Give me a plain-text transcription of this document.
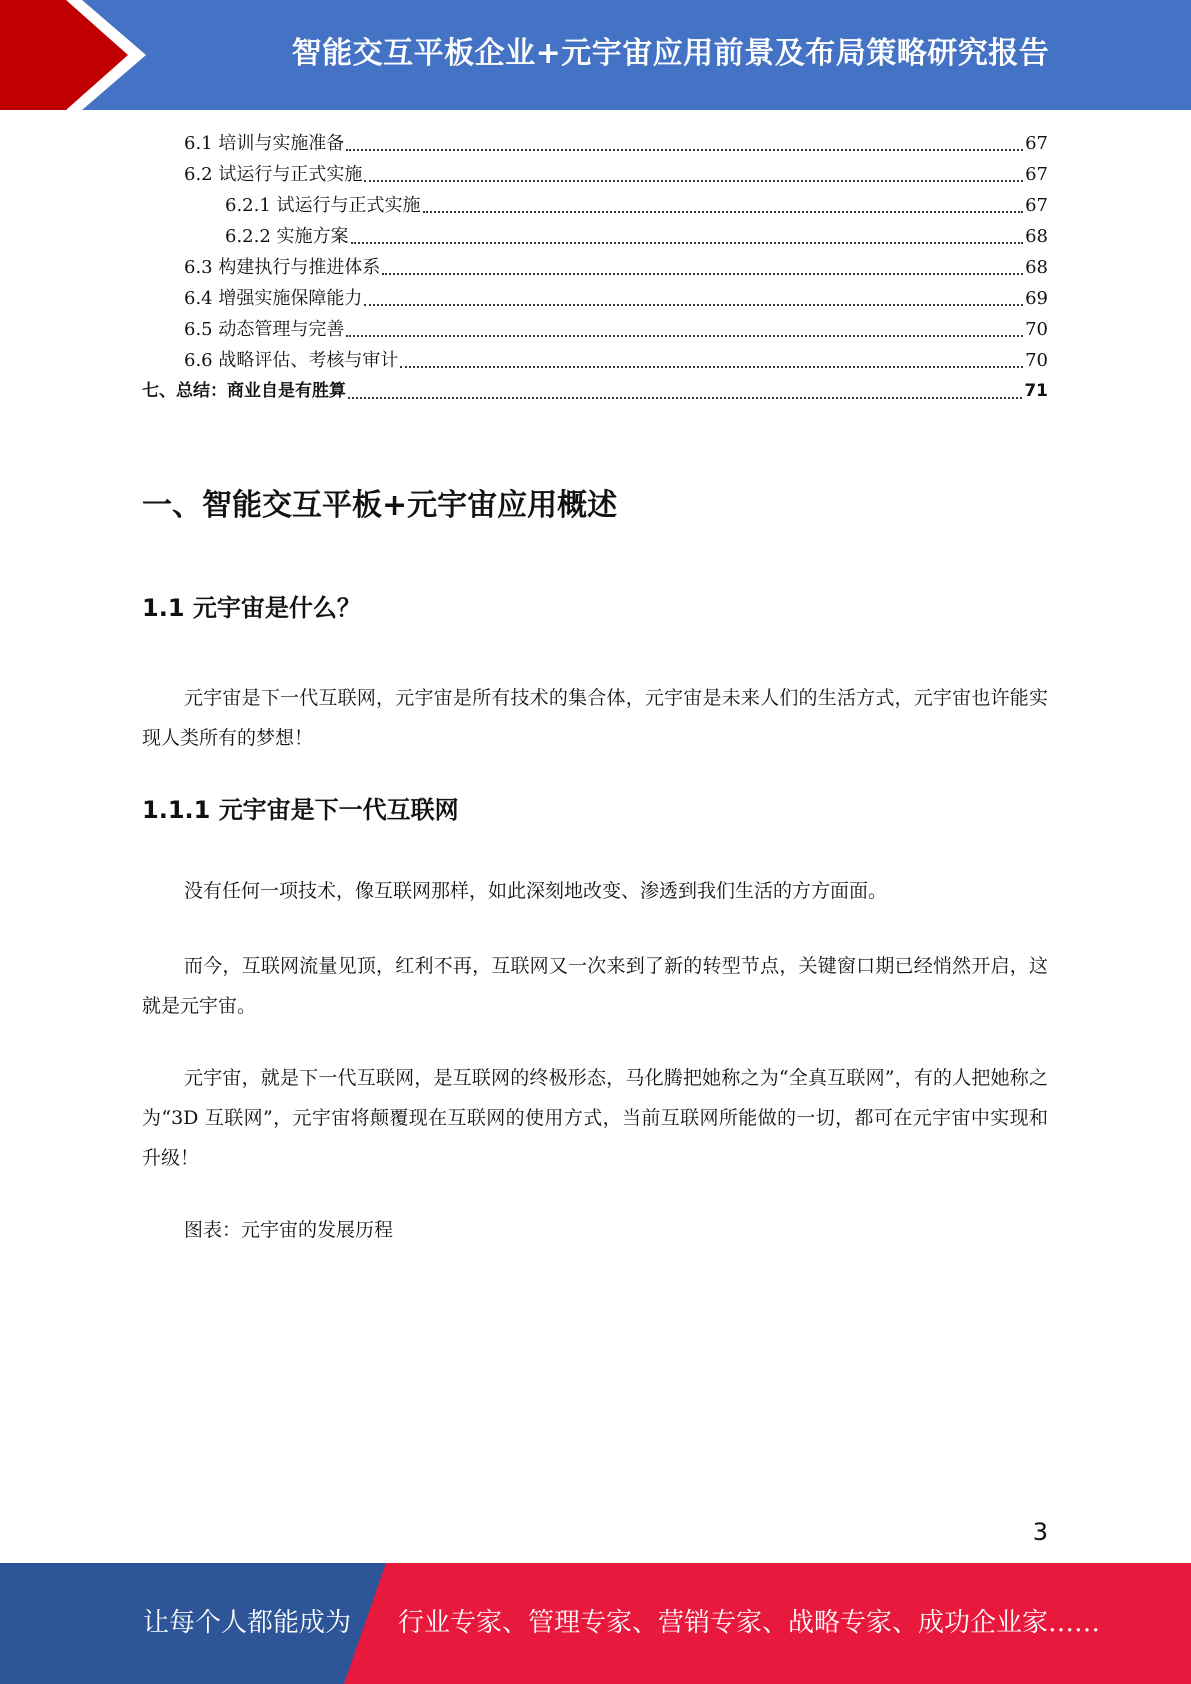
智能交互平板企业+元宇宙应用前景及布局策略研究报告
6.1 培训与实施准备	67
6.2 试运行与正式实施	67
6.2.1 试运行与正式实施	67
6.2.2 实施方案	68
6.3 构建执行与推进体系	68
6.4 增强实施保障能力	69
6.5 动态管理与完善	70
6.6 战略评估、考核与审计	70
七、总结：商业自是有胜算	71
一、智能交互平板+元宇宙应用概述
1.1 元宇宙是什么？
元宇宙是下一代互联网，元宇宙是所有技术的集合体，元宇宙是未来人们的生活方式，元宇宙也许能实现人类所有的梦想！
1.1.1 元宇宙是下一代互联网
没有任何一项技术，像互联网那样，如此深刻地改变、渗透到我们生活的方方面面。
而今，互联网流量见顶，红利不再，互联网又一次来到了新的转型节点，关键窗口期已经悄然开启，这就是元宇宙。
元宇宙，就是下一代互联网，是互联网的终极形态，马化腾把她称之为“全真互联网”，有的人把她称之为“3D 互联网”，元宇宙将颠覆现在互联网的使用方式，当前互联网所能做的一切，都可在元宇宙中实现和升级！
图表：元宇宙的发展历程
3
让每个人都能成为 行业专家、管理专家、营销专家、战略专家、成功企业家……
